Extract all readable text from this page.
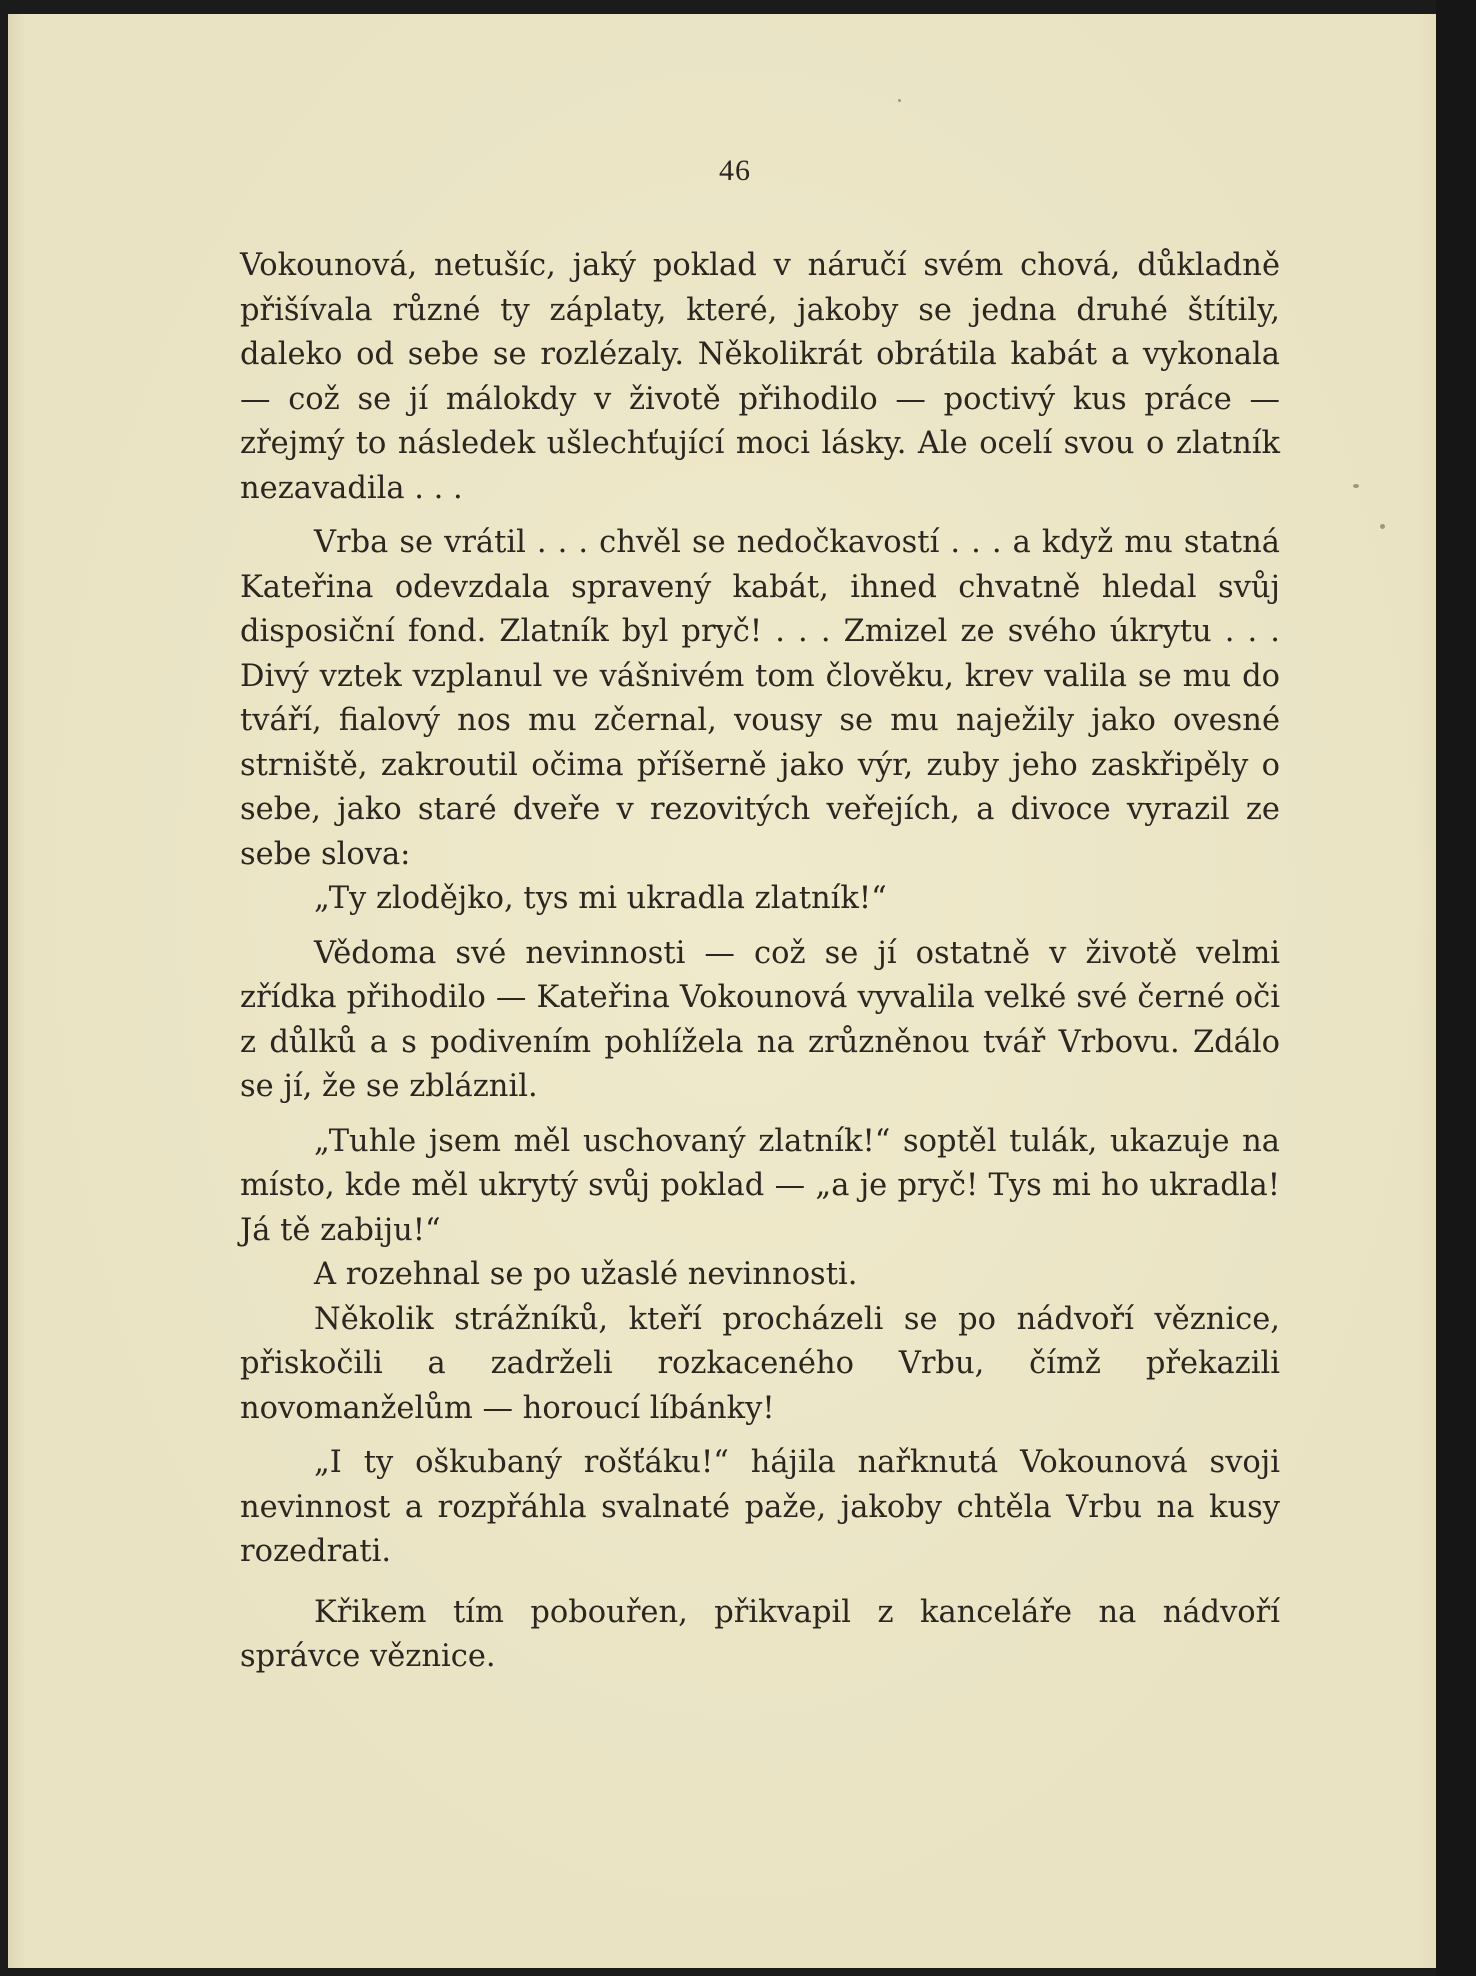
46

Vokounová, netušíc, jaký poklad v náručí svém chová, důkladně přišívala různé ty záplaty, které, jakoby se jedna druhé štítily, daleko od sebe se rozlézaly. Několikrát obrátila kabát a vykonala — což se jí málokdy v životě přihodilo — poctivý kus práce — zřejmý to následek ušlechťující moci lásky. Ale ocelí svou o zlatník nezavadila . . .

Vrba se vrátil . . . chvěl se nedočkavostí . . . a když mu statná Kateřina odevzdala spravený kabát, ihned chvatně hledal svůj disposiční fond. Zlatník byl pryč! . . . Zmizel ze svého úkrytu . . . Divý vztek vzplanul ve vášnivém tom člověku, krev valila se mu do tváří, fialový nos mu zčernal, vousy se mu naježily jako ovesné strniště, zakroutil očima příšerně jako výr, zuby jeho zaskřipěly o sebe, jako staré dveře v rezovitých veřejích, a divoce vyrazil ze sebe slova:

„Ty zlodějko, tys mi ukradla zlatník!“

Vědoma své nevinnosti — což se jí ostatně v životě velmi zřídka přihodilo — Kateřina Vokounová vyvalila velké své černé oči z důlků a s podivením pohlížela na zrůzněnou tvář Vrbovu. Zdálo se jí, že se zbláznil.

„Tuhle jsem měl uschovaný zlatník!“ soptěl tulák, ukazuje na místo, kde měl ukrytý svůj poklad — „a je pryč! Tys mi ho ukradla! Já tě zabiju!“

A rozehnal se po užaslé nevinnosti.

Několik strážníků, kteří procházeli se po nádvoří věznice, přiskočili a zadrželi rozkaceného Vrbu, čímž překazili novomanželům — horoucí líbánky!

„I ty oškubaný rošťáku!“ hájila nařknutá Vokounová svoji nevinnost a rozpřáhla svalnaté paže, jakoby chtěla Vrbu na kusy rozedrati.

Křikem tím pobouřen, přikvapil z kanceláře na nádvoří správce věznice.
